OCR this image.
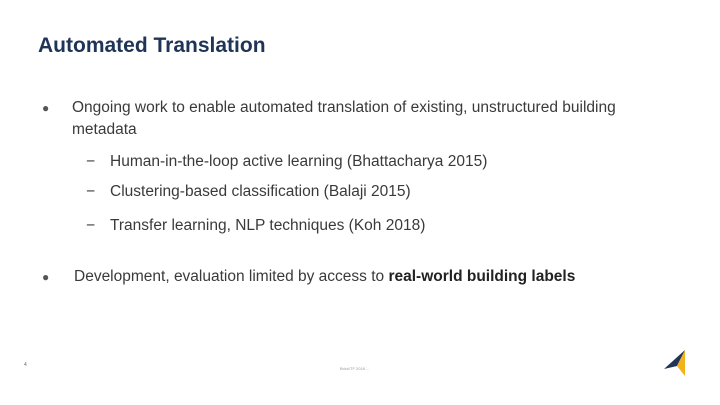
Automated Translation
● Ongoing work to enable automated translation of existing, unstructured building metadata
− Human-in-the-loop active learning (Bhattacharya 2015)
− Clustering-based classification (Balaji 2015)
− Transfer learning, NLP techniques (Koh 2018)
● Development, evaluation limited by access to real-world building labels
4
Brick/TF 2018 ...
